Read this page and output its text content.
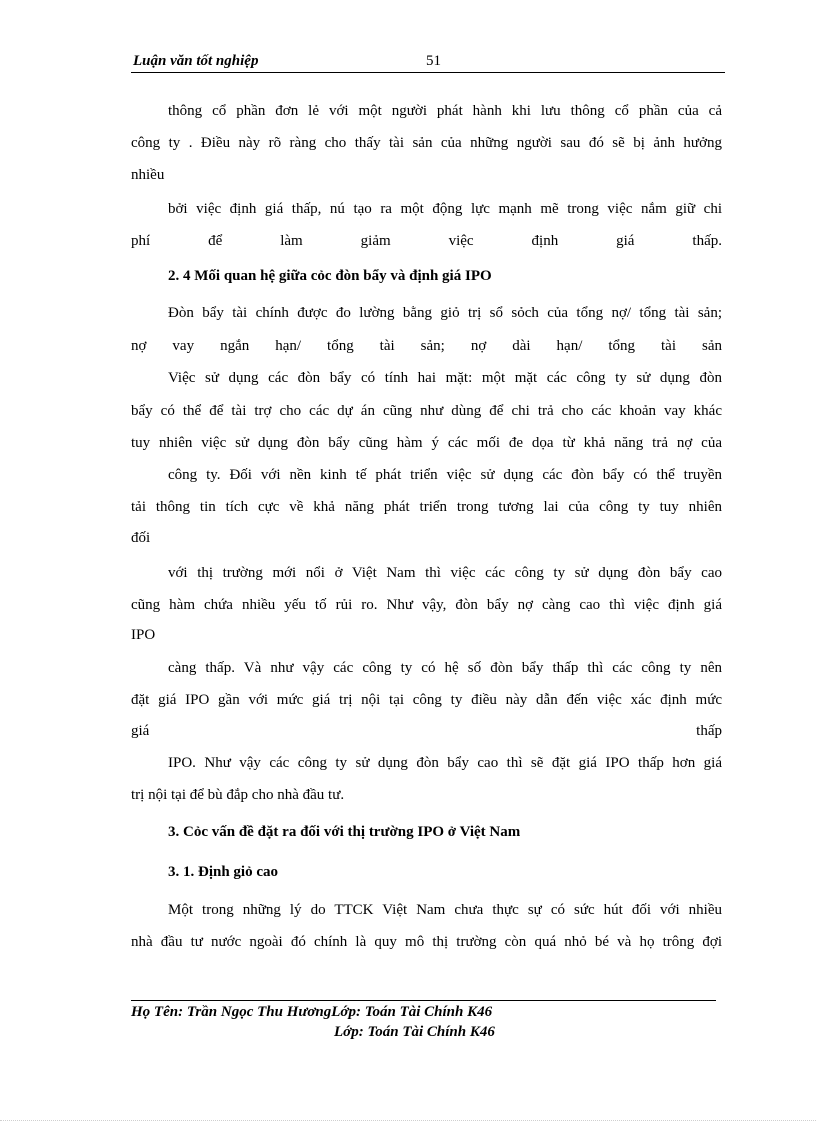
Luận văn tốt nghiệp	51
thông cổ phần đơn lẻ với một người phát hành khi lưu thông cổ phần của cả
công ty . Điều này rõ ràng cho thấy tài sản của những người sau đó sẽ bị ảnh hưởng
nhiều
bởi việc định giá thấp, nú tạo ra một động lực mạnh mẽ trong việc nắm giữ chi
phí để làm giảm việc định giá thấp.
2. 4 Mối quan hệ giữa cỏc đòn bẩy và định giá IPO
Đòn bẩy tài chính được đo lường bằng giỏ trị sổ sỏch của tổng nợ/ tổng tài sản;
nợ vay ngắn hạn/ tổng tài sản; nợ dài hạn/ tổng tài sản
Việc sử dụng các đòn bẩy có tính hai mặt: một mặt các công ty sử dụng đòn
bẩy có thể để tài trợ cho các dự án cũng như dùng để chi trả cho các khoản vay khác
tuy nhiên việc sử dụng đòn bẩy cũng hàm ý các mối đe dọa từ khả năng trả nợ của
công ty. Đối với nền kinh tế phát triển việc sử dụng các đòn bẩy có thể truyền
tải thông tin tích cực về khả năng phát triển trong tương lai của công ty tuy nhiên
đối
với thị trường mới nổi ở Việt Nam thì việc các công ty sử dụng đòn bẩy cao
cũng hàm chứa nhiều yếu tố rủi ro. Như vậy, đòn bẩy nợ càng cao thì việc định giá
IPO
càng thấp. Và như vậy các công ty có hệ số đòn bẩy thấp thì các công ty nên
đặt giá IPO gần với mức giá trị nội tại công ty điều này dẫn đến việc xác định mức
giá thấp
IPO. Như vậy các công ty sử dụng đòn bẩy cao thì sẽ đặt giá IPO thấp hơn giá
trị nội tại để bù đắp cho nhà đầu tư.
3. Cỏc vấn đề đặt ra đối với thị trường IPO ở Việt Nam
3. 1. Định giỏ cao
Một trong những lý do TTCK Việt Nam chưa thực sự có sức hút đối với nhiều
nhà đầu tư nước ngoài đó chính là quy mô thị trường còn quá nhỏ bé và họ trông đợi
Họ Tên: Trần Ngọc Thu HươngLớp: Toán Tài Chính K46
Lớp: Toán Tài Chính K46
